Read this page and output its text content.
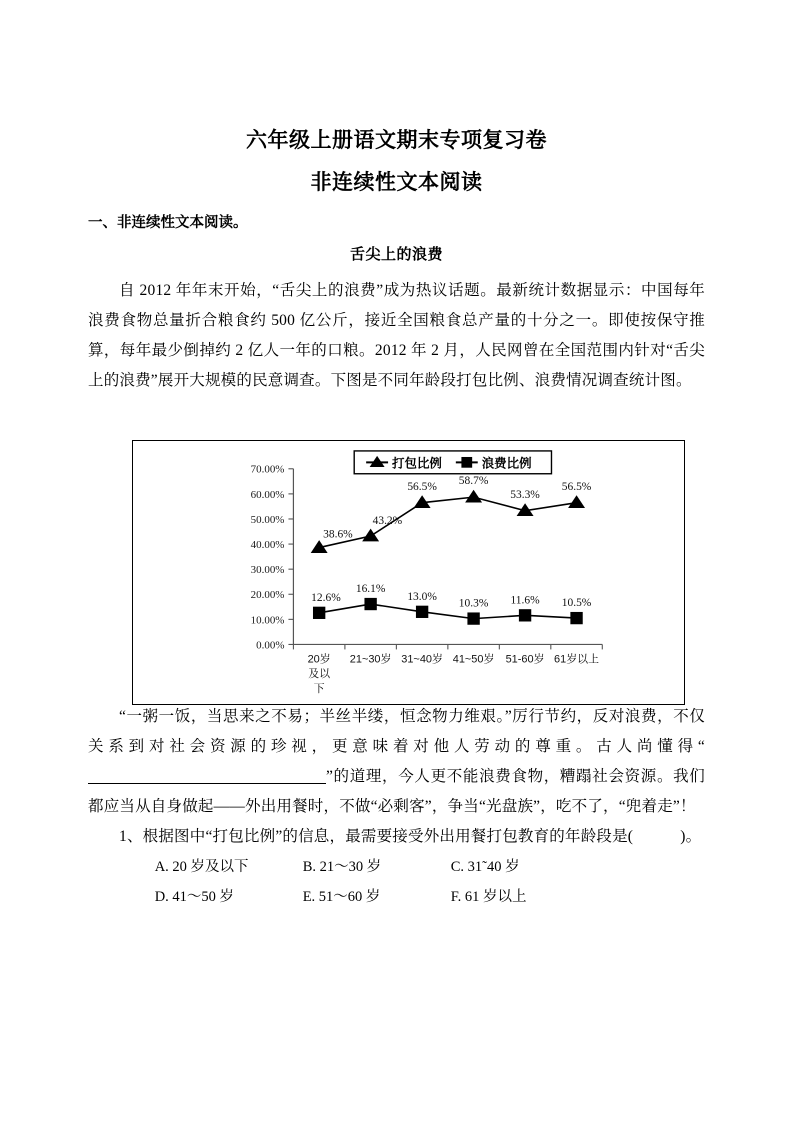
六年级上册语文期末专项复习卷
非连续性文本阅读
一、非连续性文本阅读。
舌尖上的浪费

自 2012 年年末开始，“舌尖上的浪费”成为热议话题。最新统计数据显示：中国每年浪费食物总量折合粮食约 500 亿公斤，接近全国粮食总产量的十分之一。即使按保守推算，每年最少倒掉约 2 亿人一年的口粮。2012 年 2 月，人民网曾在全国范围内针对“舌尖上的浪费”展开大规模的民意调查。下图是不同年龄段打包比例、浪费情况调查统计图。

“一粥一饭，当思来之不易；半丝半缕，恒念物力维艰。”厉行节约，反对浪费，不仅关系到对社会资源的珍视，更意味着对他人劳动的尊重。古人尚懂得“”的道理，今人更不能浪费食物，糟蹋社会资源。我们都应当从自身做起——外出用餐时，不做“必剩客”，争当“光盘族”，吃不了，“兜着走”！

1、根据图中“打包比例”的信息，最需要接受外出用餐打包教育的年龄段是(　　　)。

A. 20 岁及以下	B. 21～30 岁	C. 31˜40 岁

D. 41～50 岁	E. 51～60 岁	F. 61 岁以上

0.00%
10.00%
20.00%
30.00%
40.00%
50.00%
60.00%
70.00%
20岁及以下
21~30岁 31~40岁 41~50岁 51-60岁 61岁以上
38.6%
43.2%
56.5% 58.7%
53.3%
56.5%
12.6%
16.1%
13.0%
10.3% 11.6% 10.5%
打包比例	浪费比例
